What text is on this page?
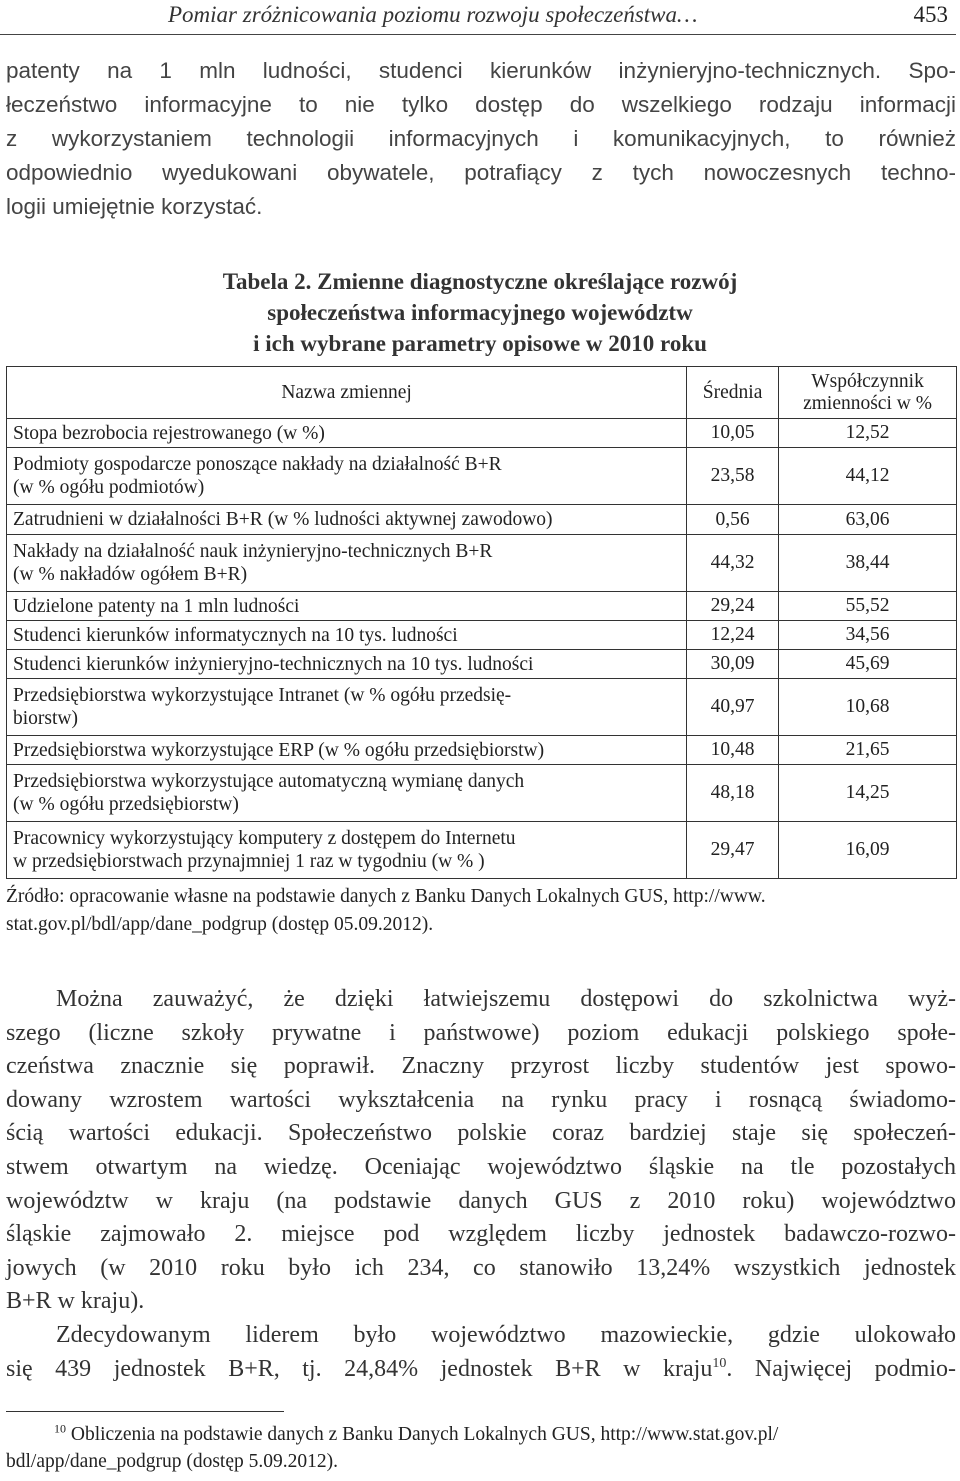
Pomiar zróżnicowania poziomu rozwoju społeczeństwa…	453

patenty na 1 mln ludności, studenci kierunków inżynieryjno-technicznych. Spo-
łeczeństwo informacyjne to nie tylko dostęp do wszelkiego rodzaju informacji
z wykorzystaniem technologii informacyjnych i komunikacyjnych, to również
odpowiednio wyedukowani obywatele, potrafiący z tych nowoczesnych techno-
logii umiejętnie korzystać.

Tabela 2. Zmienne diagnostyczne określające rozwój
społeczeństwa informacyjnego województw
i ich wybrane parametry opisowe w 2010 roku
Nazwa zmiennej	Średnia	Współczynnik
zmienności w %

Stopa bezrobocia rejestrowanego (w %)	10,05	12,52

Podmioty gospodarcze ponoszące nakłady na działalność B+R
(w % ogółu podmiotów)	23,58	44,12
Zatrudnieni w działalności B+R (w % ludności aktywnej zawodowo)	0,56	63,06

Nakłady na działalność nauk inżynieryjno-technicznych B+R
(w % nakładów ogółem B+R)	44,32	38,44
Udzielone patenty na 1 mln ludności	29,24	55,52
Studenci kierunków informatycznych na 10 tys. ludności	12,24	34,56
Studenci kierunków inżynieryjno-technicznych na 10 tys. ludności	30,09	45,69

Przedsiębiorstwa wykorzystujące Intranet (w % ogółu przedsię-
biorstw)	40,97	10,68
Przedsiębiorstwa wykorzystujące ERP (w % ogółu przedsiębiorstw)	10,48	21,65

Przedsiębiorstwa wykorzystujące automatyczną wymianę danych
(w % ogółu przedsiębiorstw)	48,18	14,25

Pracownicy wykorzystujący komputery z dostępem do Internetu
w przedsiębiorstwach przynajmniej 1 raz w tygodniu (w % )	29,47	16,09
Źródło: opracowanie własne na podstawie danych z Banku Danych Lokalnych GUS, http://www.
stat.gov.pl/bdl/app/dane_podgrup (dostęp 05.09.2012).

Można zauważyć, że dzięki łatwiejszemu dostępowi do szkolnictwa wyż-
szego (liczne szkoły prywatne i państwowe) poziom edukacji polskiego społe-
czeństwa znacznie się poprawił. Znaczny przyrost liczby studentów jest spowo-
dowany wzrostem wartości wykształcenia na rynku pracy i rosnącą świadomo-
ścią wartości edukacji. Społeczeństwo polskie coraz bardziej staje się społeczeń-
stwem otwartym na wiedzę. Oceniając województwo śląskie na tle pozostałych
województw w kraju (na podstawie danych GUS z 2010 roku) województwo
śląskie zajmowało 2. miejsce pod względem liczby jednostek badawczo-rozwo-
jowych (w 2010 roku było ich 234, co stanowiło 13,24% wszystkich jednostek
B+R w kraju).
Zdecydowanym liderem było województwo mazowieckie, gdzie ulokowało
się 439 jednostek B+R, tj. 24,84% jednostek B+R w kraju$^{10}$. Najwięcej podmio-

$^{10}$ Obliczenia na podstawie danych z Banku Danych Lokalnych GUS, http://www.stat.gov.pl/
bdl/app/dane_podgrup (dostęp 5.09.2012).
